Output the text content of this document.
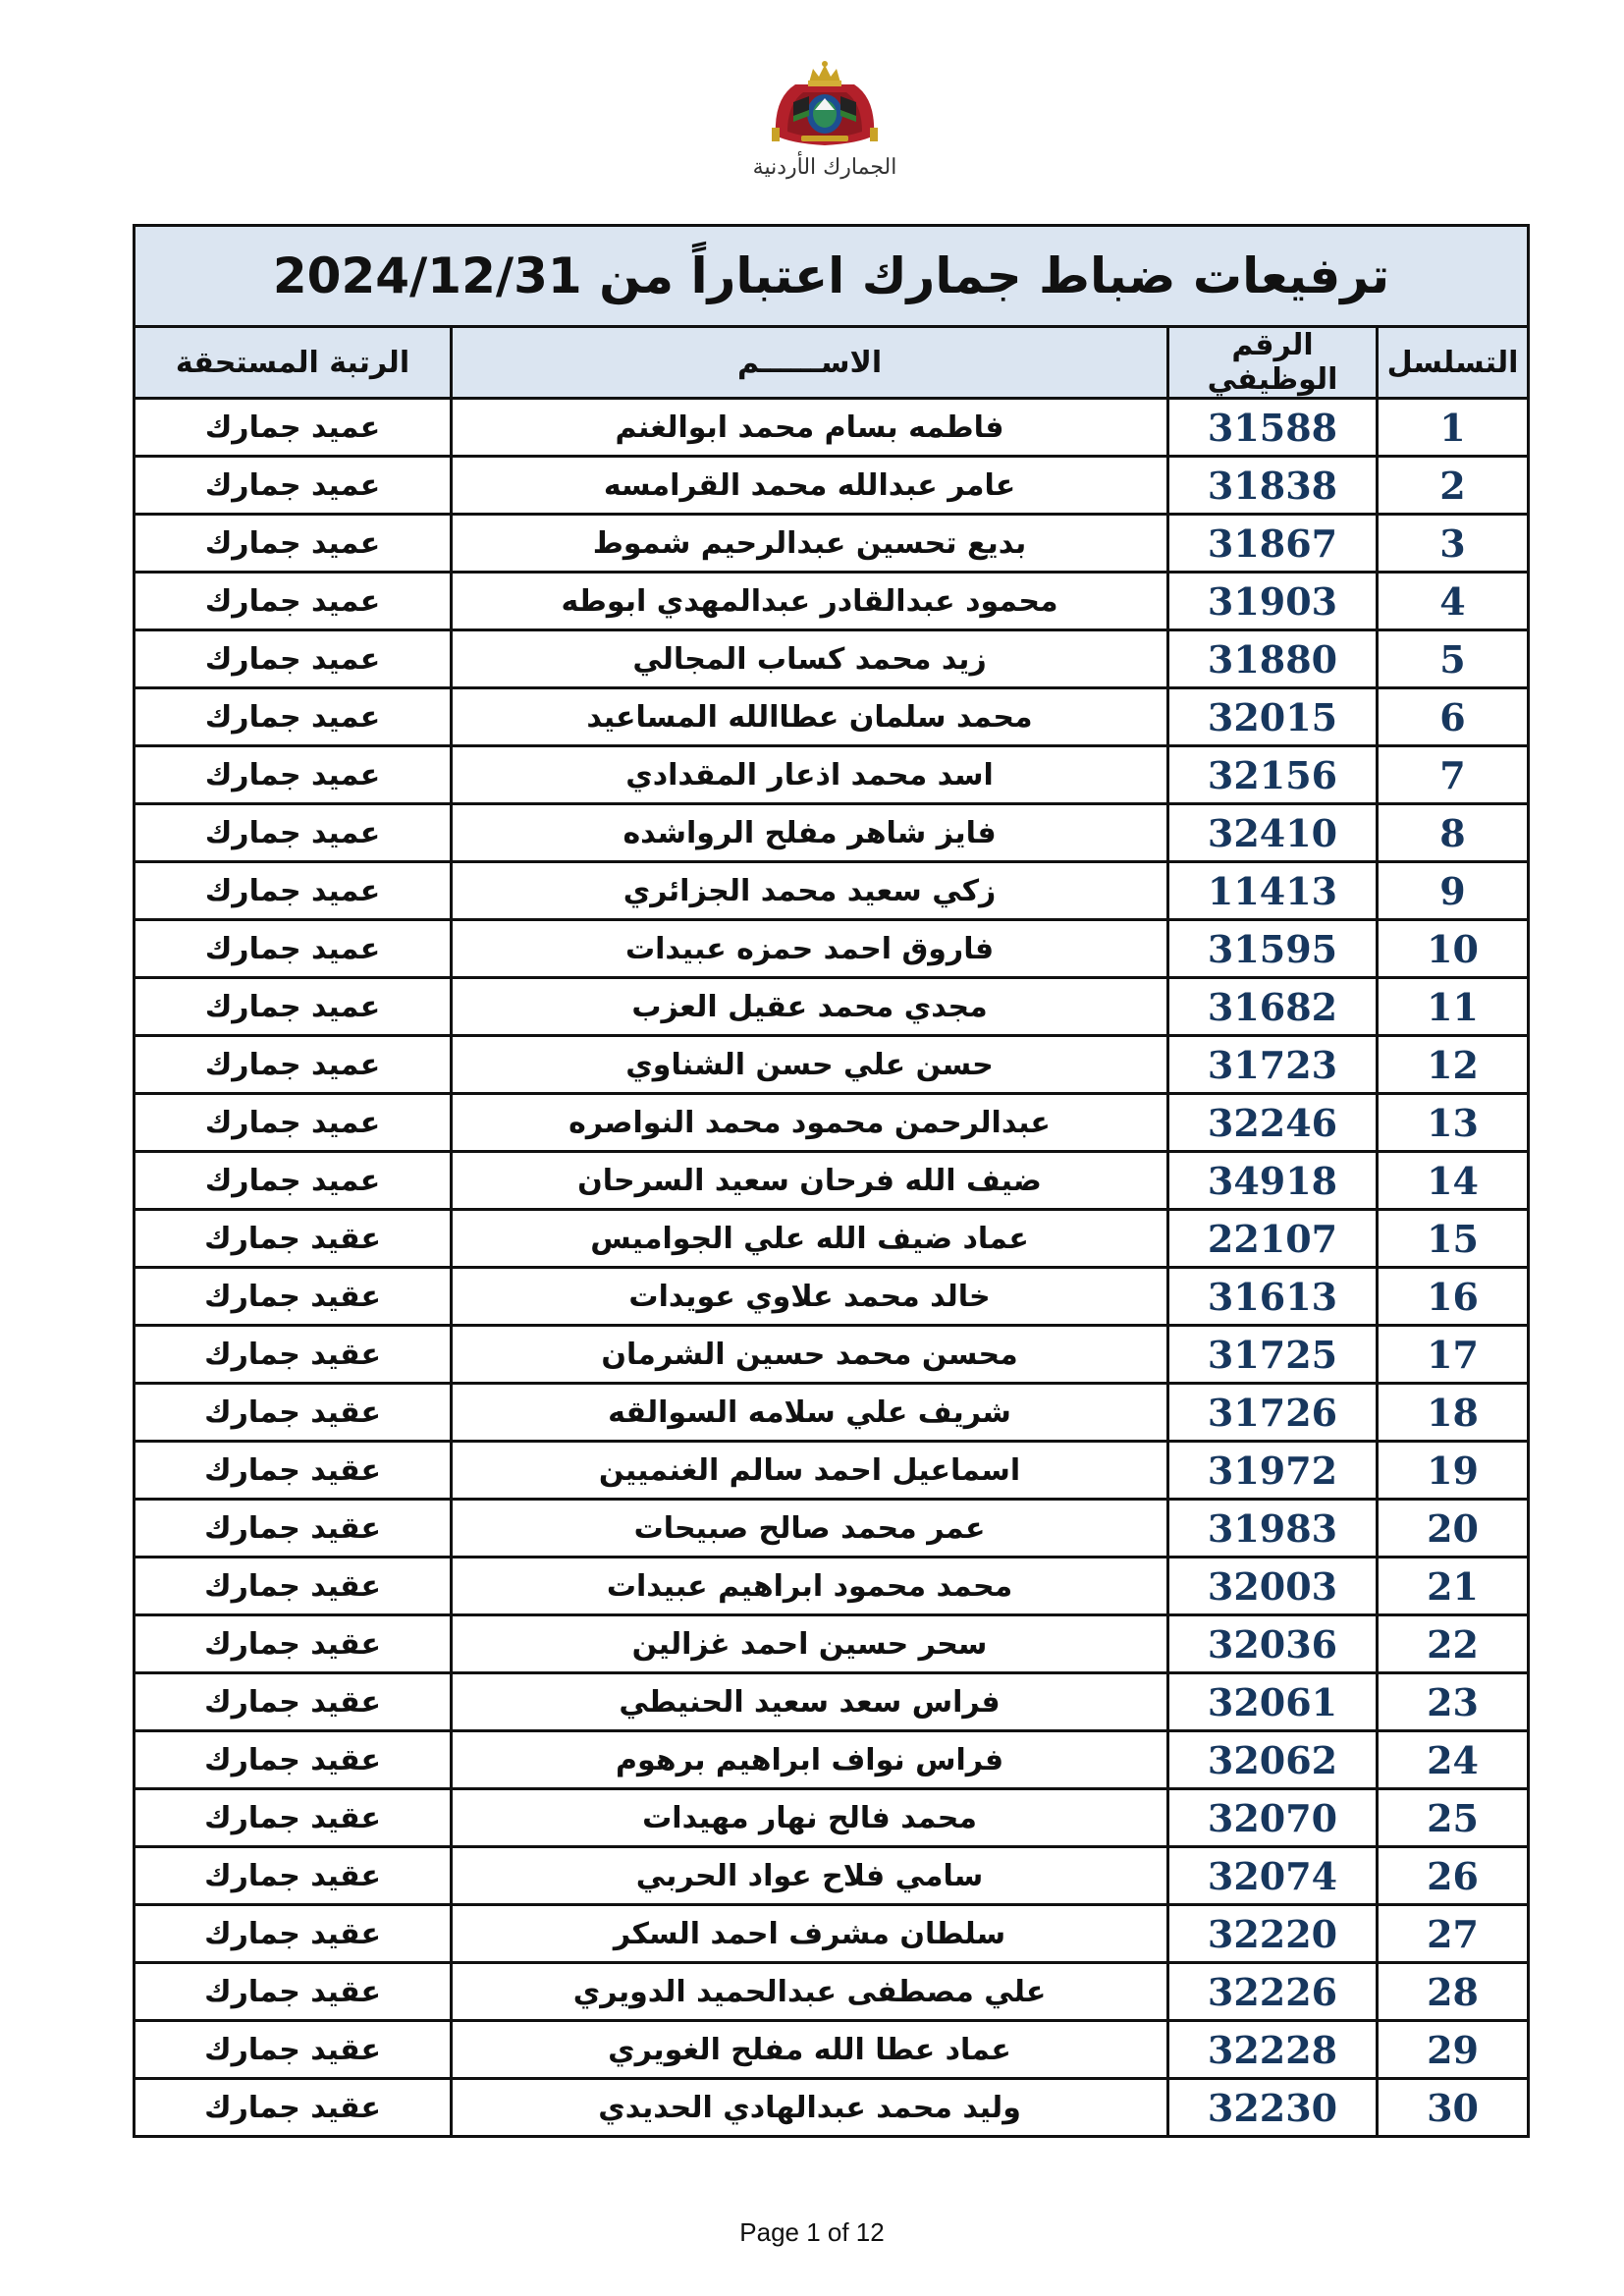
الجمارك الأردنية
ترفيعات ضباط جمارك اعتباراً من 2024/12/31			
التسلسل	الرقم الوظيفي	الاســــــم	الرتبة المستحقة
1	31588	فاطمه بسام محمد ابوالغنم	عميد جمارك
2	31838	عامر عبدالله محمد القرامسه	عميد جمارك
3	31867	بديع تحسين عبدالرحيم شموط	عميد جمارك
4	31903	محمود عبدالقادر عبدالمهدي ابوطه	عميد جمارك
5	31880	زيد محمد كساب المجالي	عميد جمارك
6	32015	محمد سلمان عطاالله المساعيد	عميد جمارك
7	32156	اسد محمد اذعار المقدادي	عميد جمارك
8	32410	فايز شاهر مفلح الرواشده	عميد جمارك
9	11413	زكي سعيد محمد الجزائري	عميد جمارك
10	31595	فاروق احمد حمزه عبيدات	عميد جمارك
11	31682	مجدي محمد عقيل العزب	عميد جمارك
12	31723	حسن علي حسن الشناوي	عميد جمارك
13	32246	عبدالرحمن محمود محمد النواصره	عميد جمارك
14	34918	ضيف الله فرحان سعيد السرحان	عميد جمارك
15	22107	عماد ضيف الله علي الجواميس	عقيد جمارك
16	31613	خالد محمد علاوي عويدات	عقيد جمارك
17	31725	محسن محمد حسين الشرمان	عقيد جمارك
18	31726	شريف علي سلامه السوالقه	عقيد جمارك
19	31972	اسماعيل احمد سالم الغنميين	عقيد جمارك
20	31983	عمر محمد صالح صبيحات	عقيد جمارك
21	32003	محمد محمود ابراهيم عبيدات	عقيد جمارك
22	32036	سحر حسين احمد غزالين	عقيد جمارك
23	32061	فراس سعد سعيد الحنيطي	عقيد جمارك
24	32062	فراس نواف ابراهيم برهوم	عقيد جمارك
25	32070	محمد فالح نهار مهيدات	عقيد جمارك
26	32074	سامي فلاح عواد الحربي	عقيد جمارك
27	32220	سلطان مشرف احمد السكر	عقيد جمارك
28	32226	علي مصطفى عبدالحميد الدويري	عقيد جمارك
29	32228	عماد عطا الله مفلح الغويري	عقيد جمارك
30	32230	وليد محمد عبدالهادي الحديدي	عقيد جمارك
Page 1 of 12
